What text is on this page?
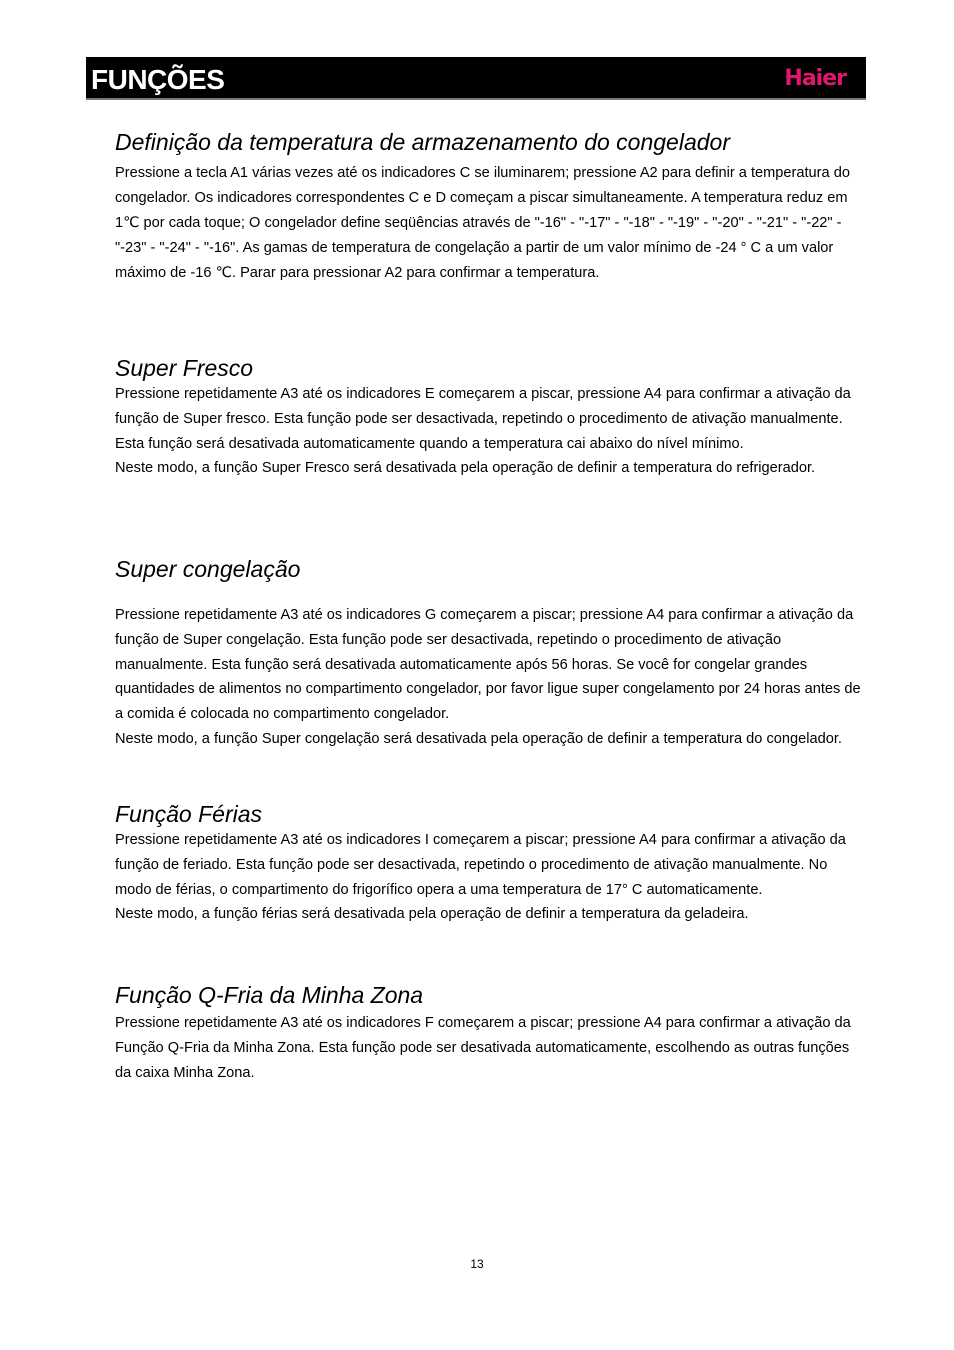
FUNÇÕES	Haier
Definição da temperatura de armazenamento do congelador

Pressione a tecla A1 várias vezes até os indicadores C se iluminarem; pressione A2 para definir a temperatura do congelador. Os indicadores correspondentes C e D começam a piscar simultaneamente. A temperatura reduz em 1℃ por cada toque; O congelador define seqüências através de "-16" - "-17" - "-18" - "-19" - "-20" - "-21" - "-22" - "-23" - "-24" - "-16". As gamas de temperatura de congelação a partir de um valor mínimo de -24 ° C a um valor máximo de -16 ℃. Parar para pressionar A2 para confirmar a temperatura.

Super Fresco

Pressione repetidamente A3 até os indicadores E começarem a piscar, pressione A4 para confirmar a ativação da função de Super fresco. Esta função pode ser desactivada, repetindo o procedimento de ativação manualmente. Esta função será desativada automaticamente quando a temperatura cai abaixo do nível mínimo.

Neste modo, a função Super Fresco será desativada pela operação de definir a temperatura do refrigerador.

Super congelação

Pressione repetidamente A3 até os indicadores G começarem a piscar; pressione A4 para confirmar a ativação da função de Super congelação. Esta função pode ser desactivada, repetindo o procedimento de ativação manualmente. Esta função será desativada automaticamente após 56 horas. Se você for congelar grandes quantidades de alimentos no compartimento congelador, por favor ligue super congelamento por 24 horas antes de a comida é colocada no compartimento congelador.

Neste modo, a função Super congelação será desativada pela operação de definir a temperatura do congelador.

Função Férias

Pressione repetidamente A3 até os indicadores I começarem a piscar; pressione A4 para confirmar a ativação da função de feriado. Esta função pode ser desactivada, repetindo o procedimento de ativação manualmente. No modo de férias, o compartimento do frigorífico opera a uma temperatura de 17° C automaticamente.

Neste modo, a função férias será desativada pela operação de definir a temperatura da geladeira.

Função Q-Fria da Minha Zona

Pressione repetidamente A3 até os indicadores F começarem a piscar; pressione A4 para confirmar a ativação da Função Q-Fria da Minha Zona. Esta função pode ser desativada automaticamente, escolhendo as outras funções da caixa Minha Zona.

13
